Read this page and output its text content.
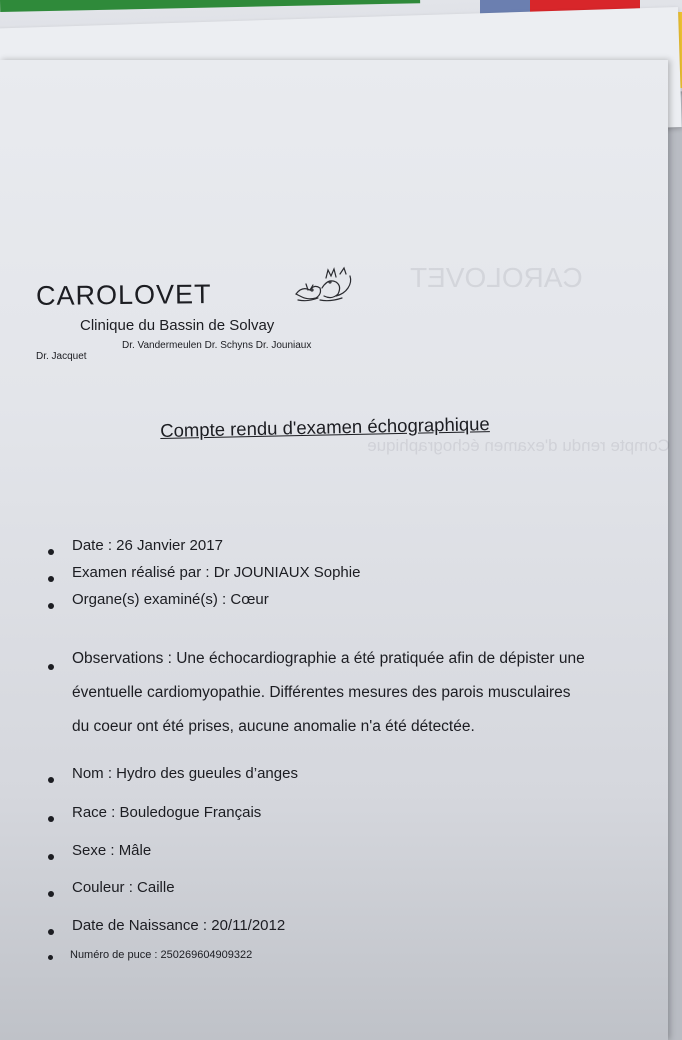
CAROLOVET
Compte rendu d'examen échographique
CAROLOVET
Clinique du Bassin de Solvay
Dr. Jacquet
Dr. Vandermeulen Dr. Schyns Dr. Jouniaux
Compte rendu d'examen échographique
Date : 26 Janvier 2017
Examen réalisé par : Dr JOUNIAUX Sophie
Organe(s) examiné(s) : Cœur
Observations : Une échocardiographie a été pratiquée afin de dépister une
éventuelle cardiomyopathie. Différentes mesures des parois musculaires
du coeur ont été prises, aucune anomalie n'a été détectée.
Nom : Hydro des gueules d’anges
Race : Bouledogue Français
Sexe : Mâle
Couleur : Caille
Date de Naissance : 20/11/2012
Numéro de puce : 250269604909322
